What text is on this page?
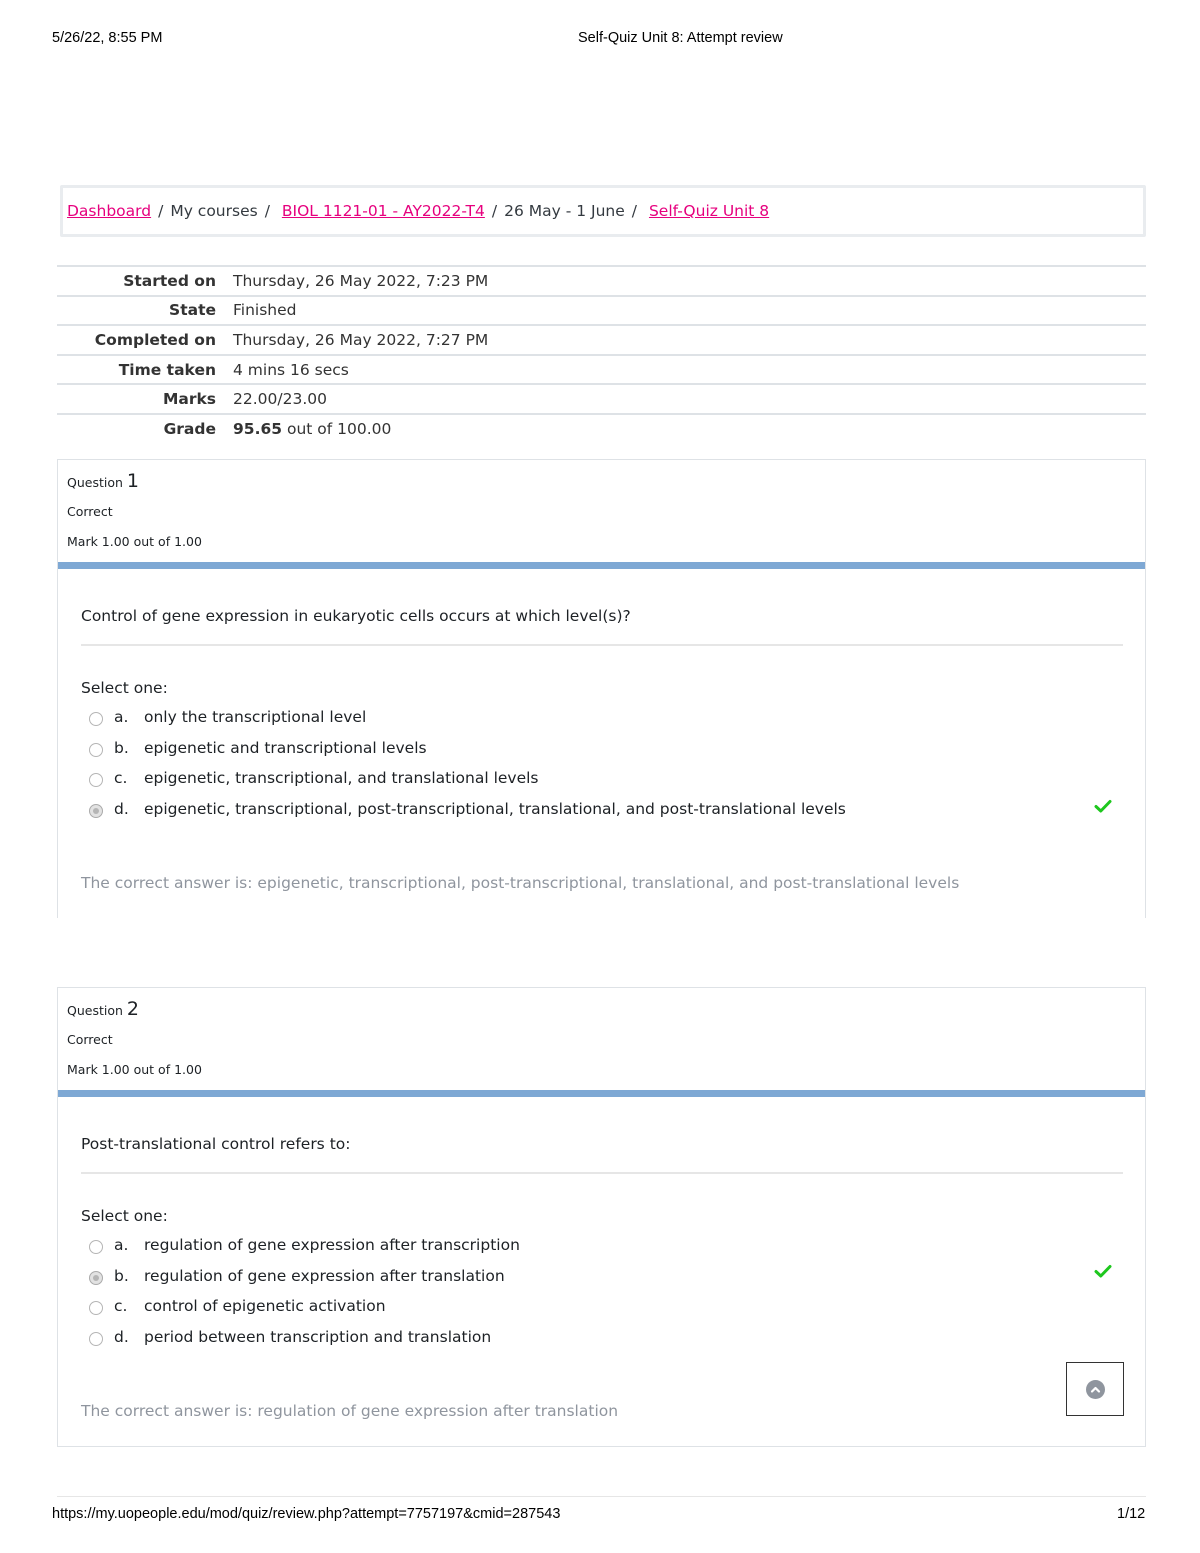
5/26/22, 8:55 PM	Self-Quiz Unit 8: Attempt review
Dashboard / My courses / BIOL 1121-01 - AY2022-T4 / 26 May - 1 June / Self-Quiz Unit 8
Started on	Thursday, 26 May 2022, 7:23 PM
State	Finished
Completed on	Thursday, 26 May 2022, 7:27 PM
Time taken	4 mins 16 secs
Marks	22.00/23.00
Grade	95.65 out of 100.00
Question 1
Correct
Mark 1.00 out of 1.00
Control of gene expression in eukaryotic cells occurs at which level(s)?
Select one:
a.	only the transcriptional level
b. epigenetic and transcriptional levels
c.	epigenetic, transcriptional, and translational levels
d. epigenetic, transcriptional, post-transcriptional, translational, and post-translational levels
The correct answer is: epigenetic, transcriptional, post-transcriptional, translational, and post-translational levels
Question 2
Correct
Mark 1.00 out of 1.00
Post-translational control refers to:
Select one:
a.	regulation of gene expression after transcription
b. regulation of gene expression after translation
c.	control of epigenetic activation
d. period between transcription and translation
The correct answer is: regulation of gene expression after translation
https://my.uopeople.edu/mod/quiz/review.php?attempt=7757197&cmid=287543	1/12
